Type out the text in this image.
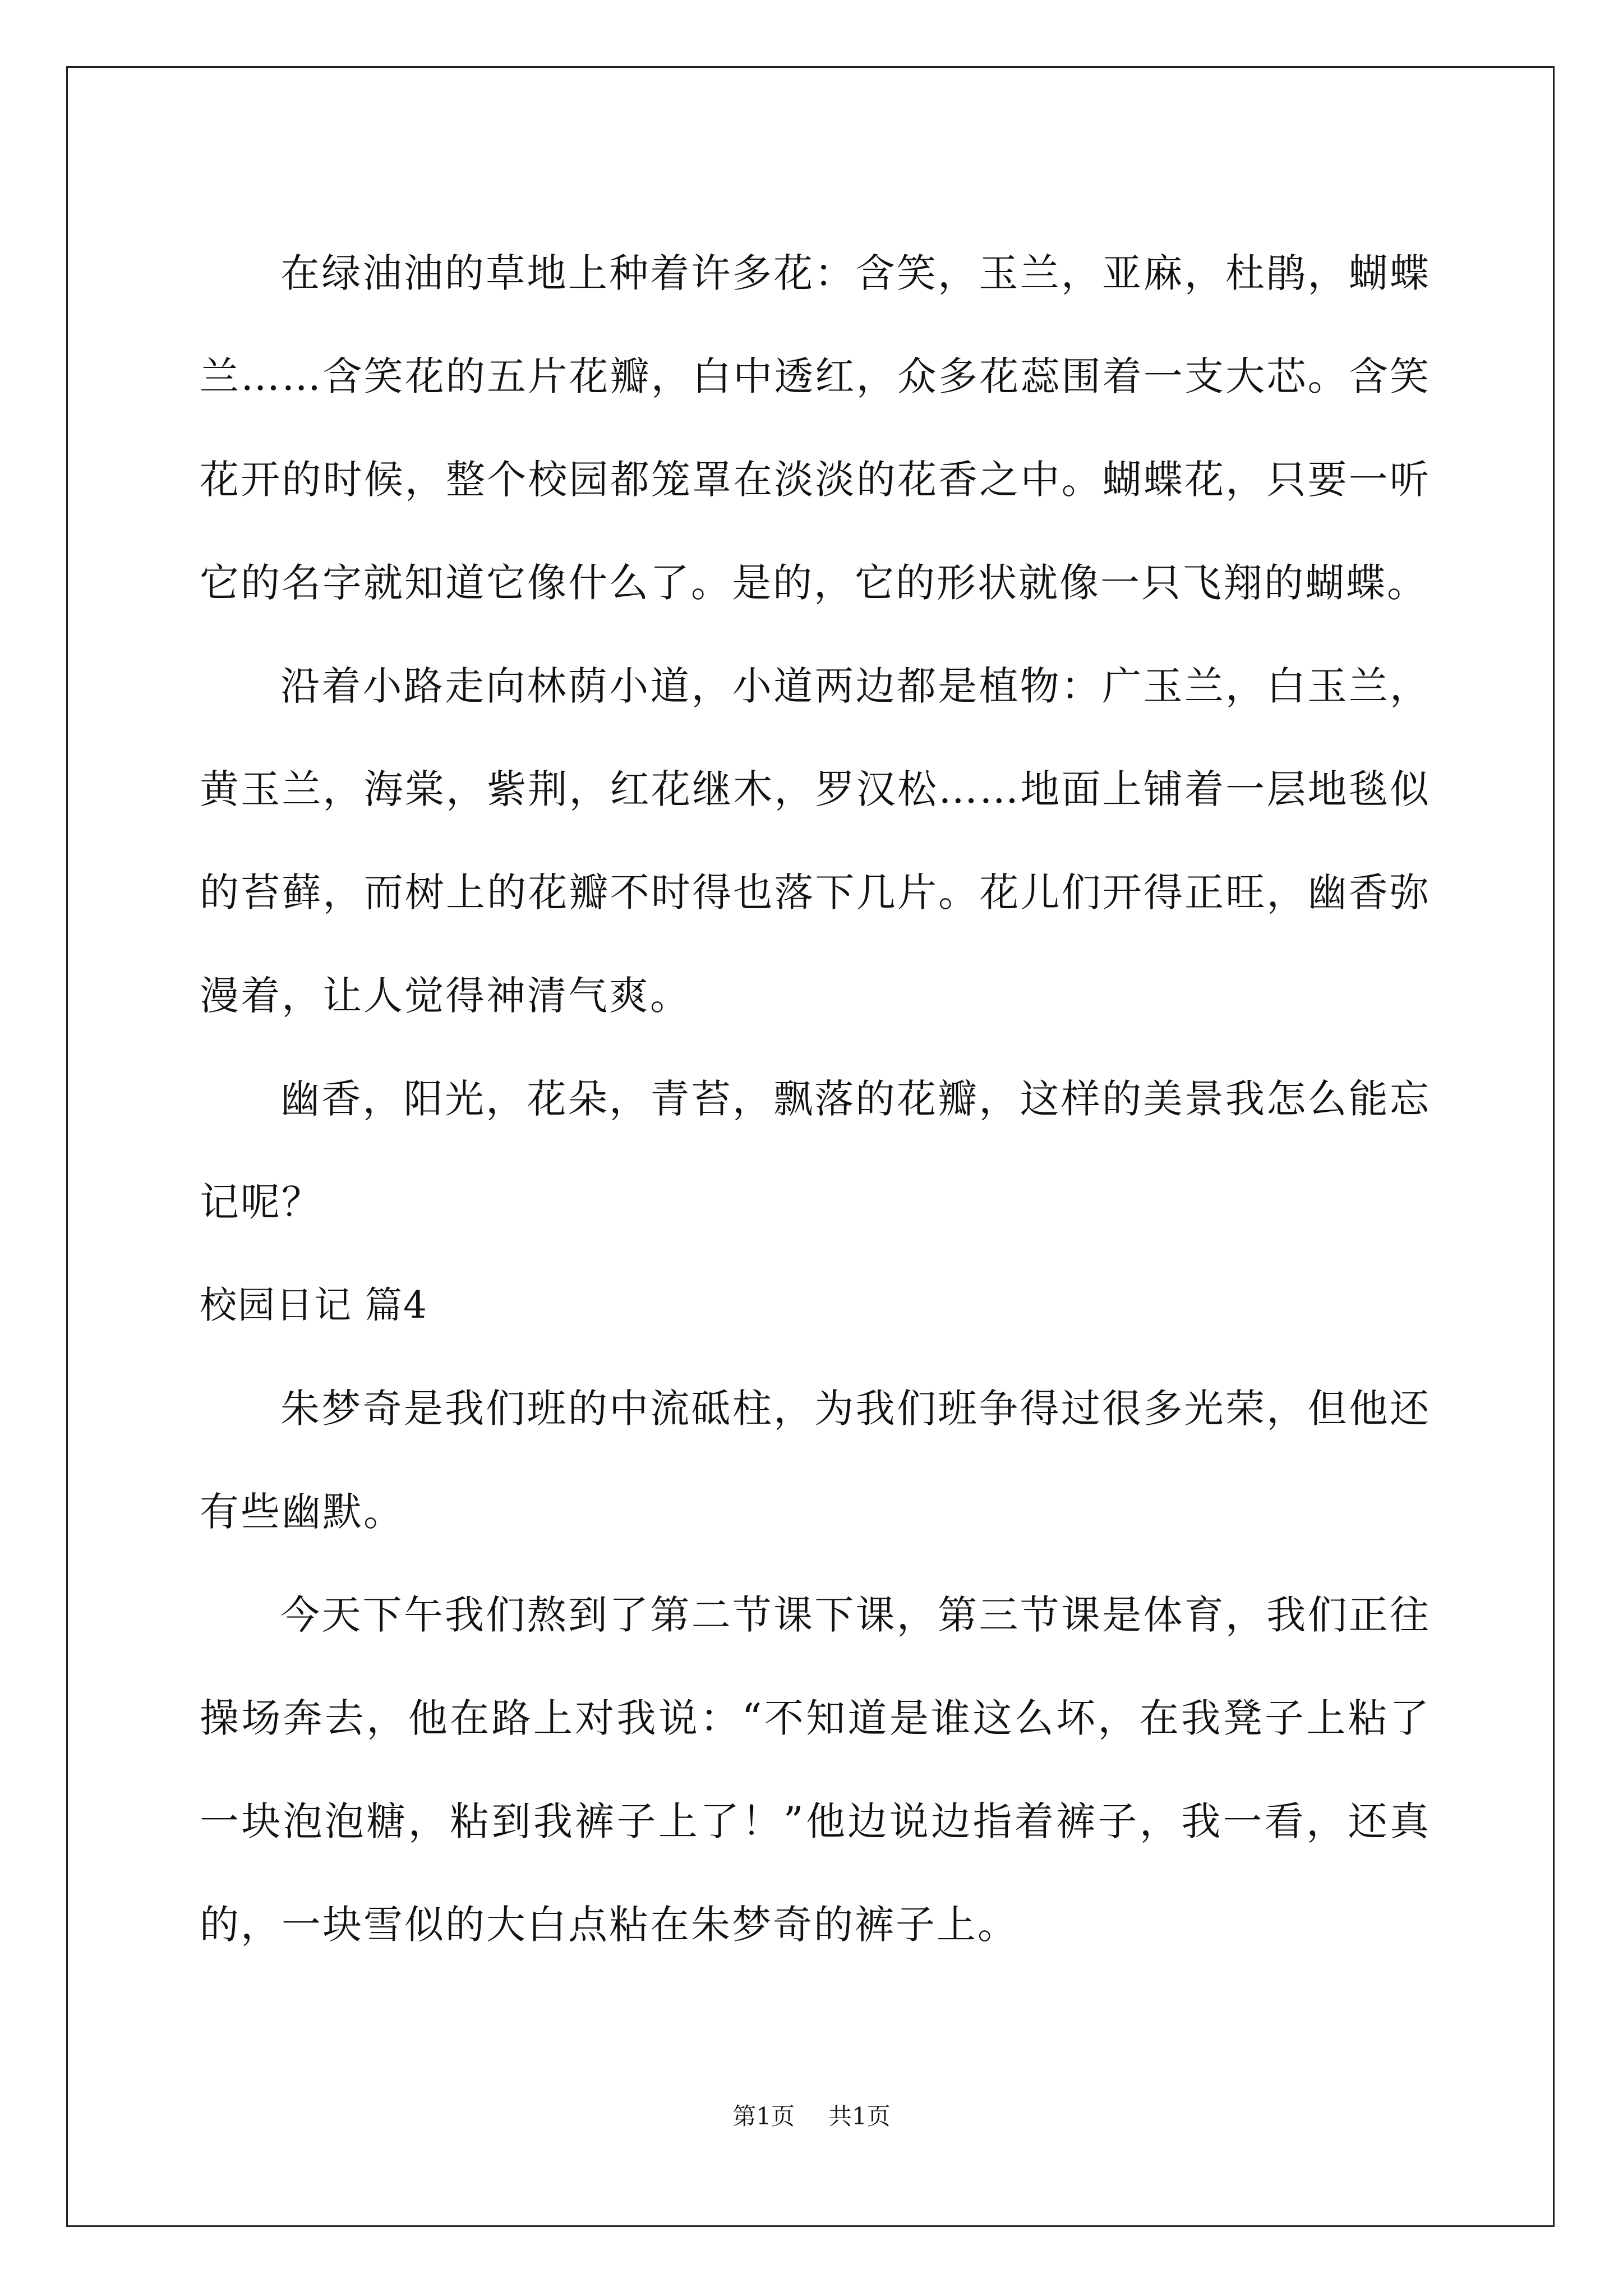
在绿油油的草地上种着许多花：含笑，玉兰，亚麻，杜鹃，蝴蝶兰……含笑花的五片花瓣，白中透红，众多花蕊围着一支大芯。含笑花开的时候，整个校园都笼罩在淡淡的花香之中。蝴蝶花，只要一听它的名字就知道它像什么了。是的，它的形状就像一只飞翔的蝴蝶。

沿着小路走向林荫小道，小道两边都是植物：广玉兰，白玉兰，黄玉兰，海棠，紫荆，红花继木，罗汉松……地面上铺着一层地毯似的苔藓，而树上的花瓣不时得也落下几片。花儿们开得正旺，幽香弥漫着，让人觉得神清气爽。

幽香，阳光，花朵，青苔，飘落的花瓣，这样的美景我怎么能忘记呢？

校园日记 篇4

朱梦奇是我们班的中流砥柱，为我们班争得过很多光荣，但他还有些幽默。

今天下午我们熬到了第二节课下课，第三节课是体育，我们正往操场奔去，他在路上对我说：“不知道是谁这么坏，在我凳子上粘了一块泡泡糖，粘到我裤子上了！”他边说边指着裤子，我一看，还真的，一块雪似的大白点粘在朱梦奇的裤子上。

第1页 共1页
